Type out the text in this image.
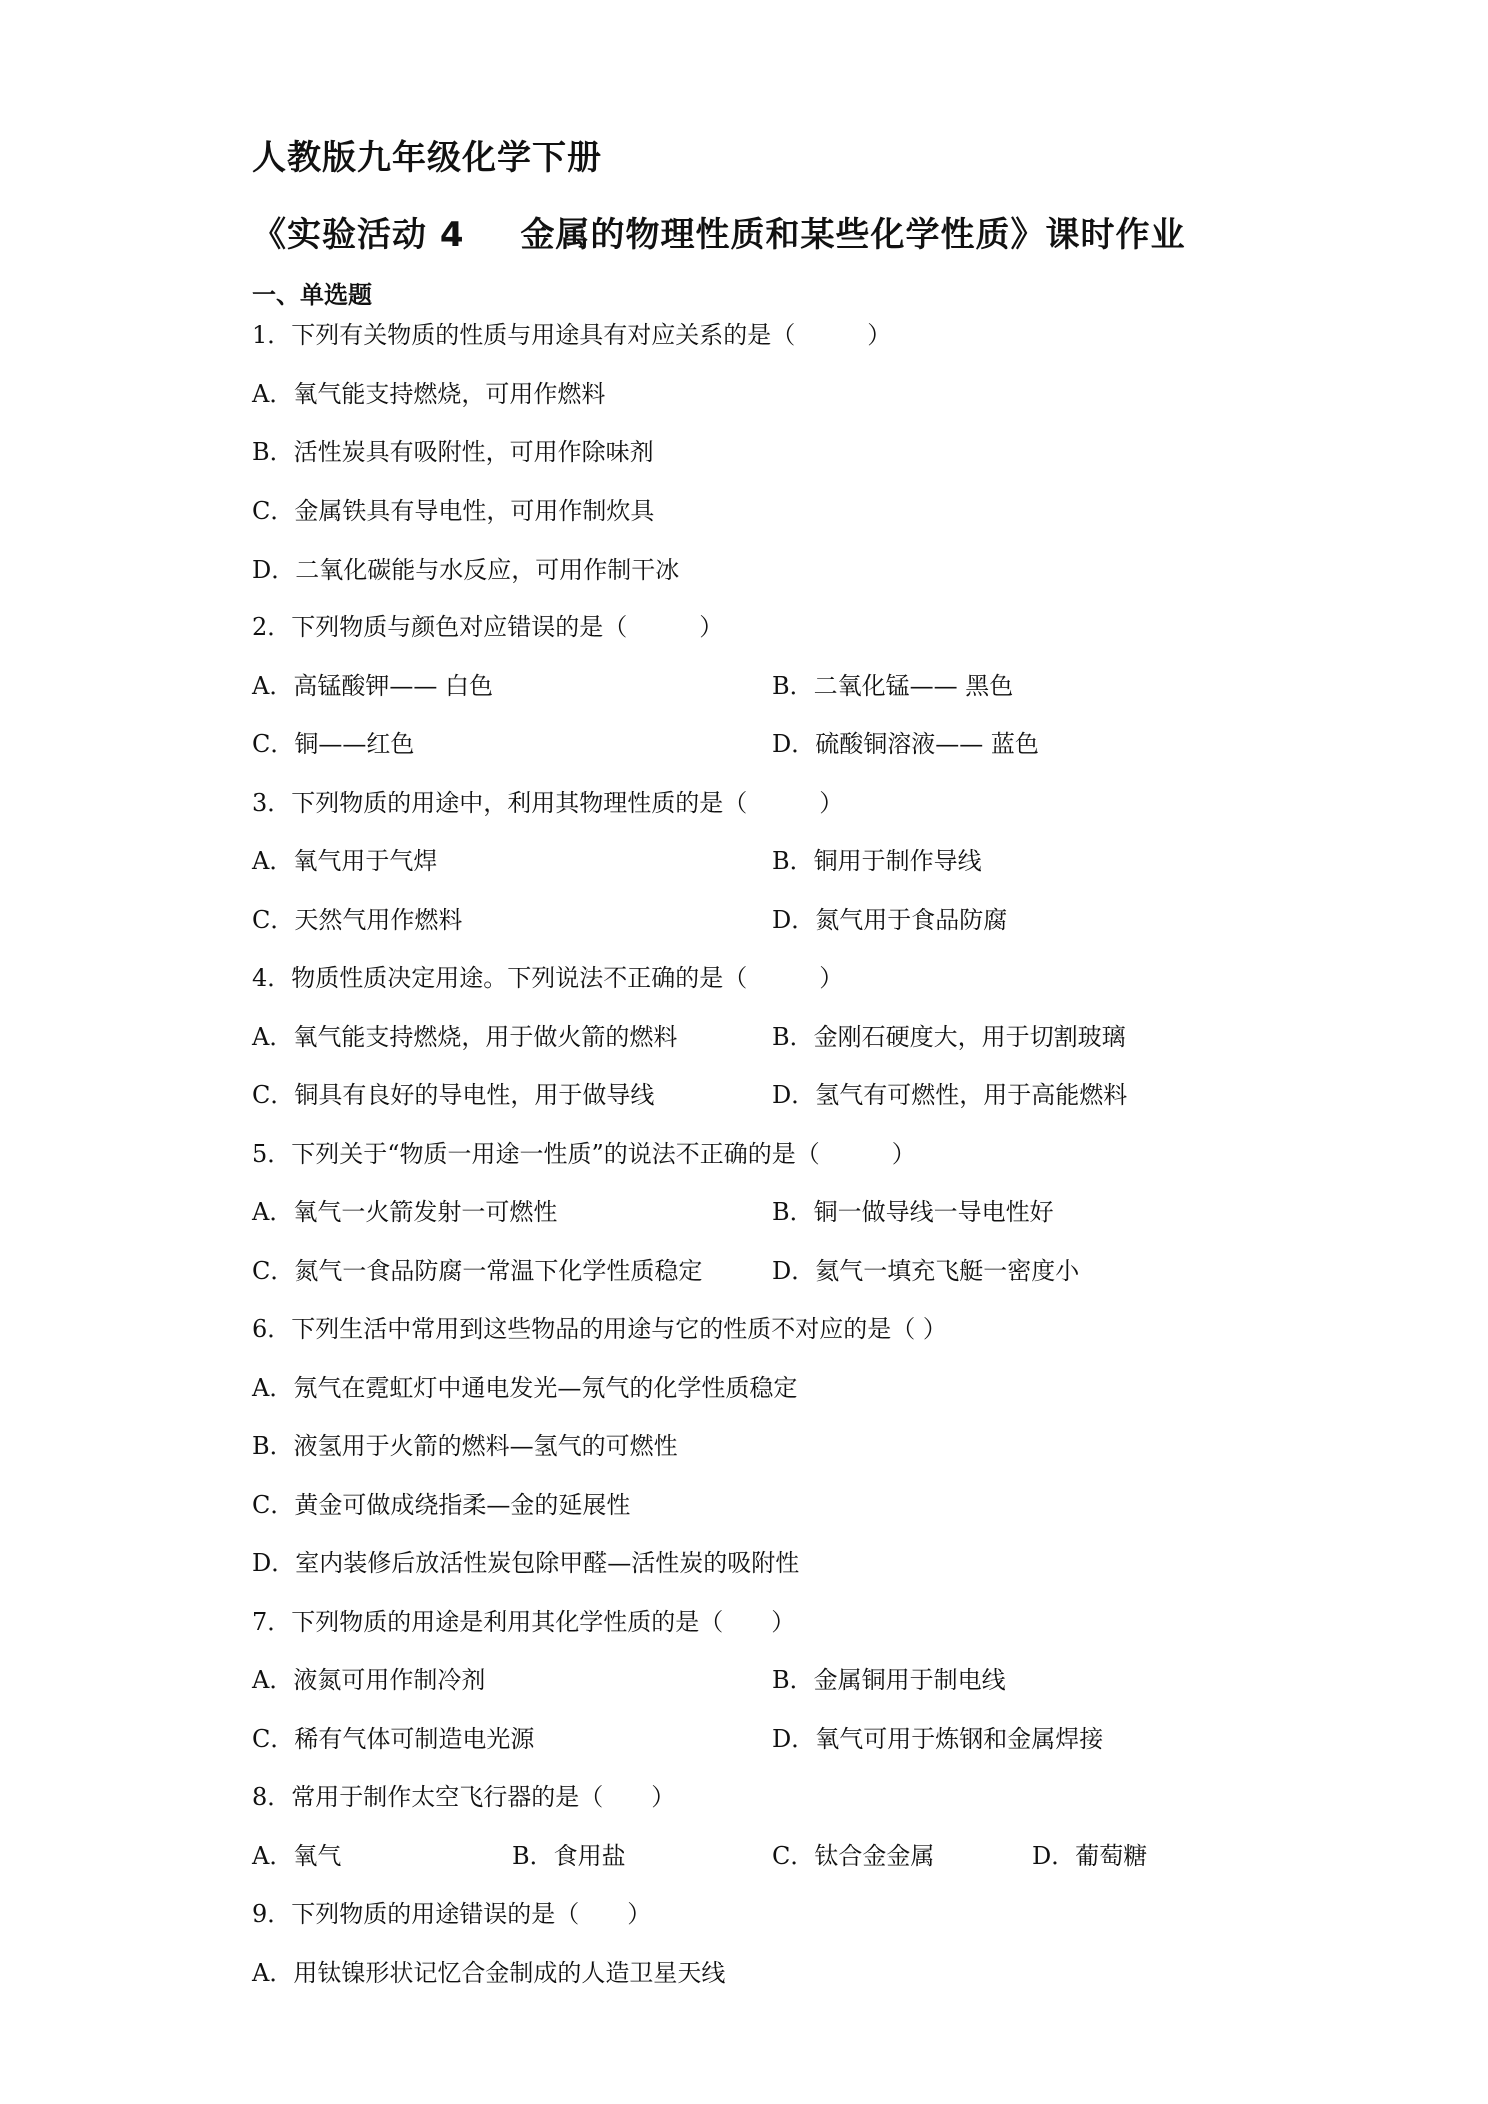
人教版九年级化学下册
《实验活动 4 金属的物理性质和某些化学性质》课时作业
一、单选题
1．下列有关物质的性质与用途具有对应关系的是（　　　）
A．氧气能支持燃烧，可用作燃料
B．活性炭具有吸附性，可用作除味剂
C．金属铁具有导电性，可用作制炊具
D．二氧化碳能与水反应，可用作制干冰
2．下列物质与颜色对应错误的是（　　　）
A．高锰酸钾—— 白色	B．二氧化锰—— 黑色
C．铜——红色	D．硫酸铜溶液—— 蓝色
3．下列物质的用途中，利用其物理性质的是（　　　）
A．氧气用于气焊	B．铜用于制作导线
C．天然气用作燃料	D．氮气用于食品防腐
4．物质性质决定用途。下列说法不正确的是（　　　）
A．氧气能支持燃烧，用于做火箭的燃料	B．金刚石硬度大，用于切割玻璃
C．铜具有良好的导电性，用于做导线	D．氢气有可燃性，用于高能燃料
5．下列关于“物质一用途一性质”的说法不正确的是（　　　）
A．氧气一火箭发射一可燃性	B．铜一做导线一导电性好
C．氮气一食品防腐一常温下化学性质稳定	D．氦气一填充飞艇一密度小
6．下列生活中常用到这些物品的用途与它的性质不对应的是（ ）
A．氖气在霓虹灯中通电发光—氖气的化学性质稳定
B．液氢用于火箭的燃料—氢气的可燃性
C．黄金可做成绕指柔—金的延展性
D．室内装修后放活性炭包除甲醛—活性炭的吸附性
7．下列物质的用途是利用其化学性质的是（　　）
A．液氮可用作制冷剂	B．金属铜用于制电线
C．稀有气体可制造电光源	D．氧气可用于炼钢和金属焊接
8．常用于制作太空飞行器的是（　　）
A．氧气	B．食用盐	C．钛合金金属	D．葡萄糖
9．下列物质的用途错误的是（　　）
A．用钛镍形状记忆合金制成的人造卫星天线
